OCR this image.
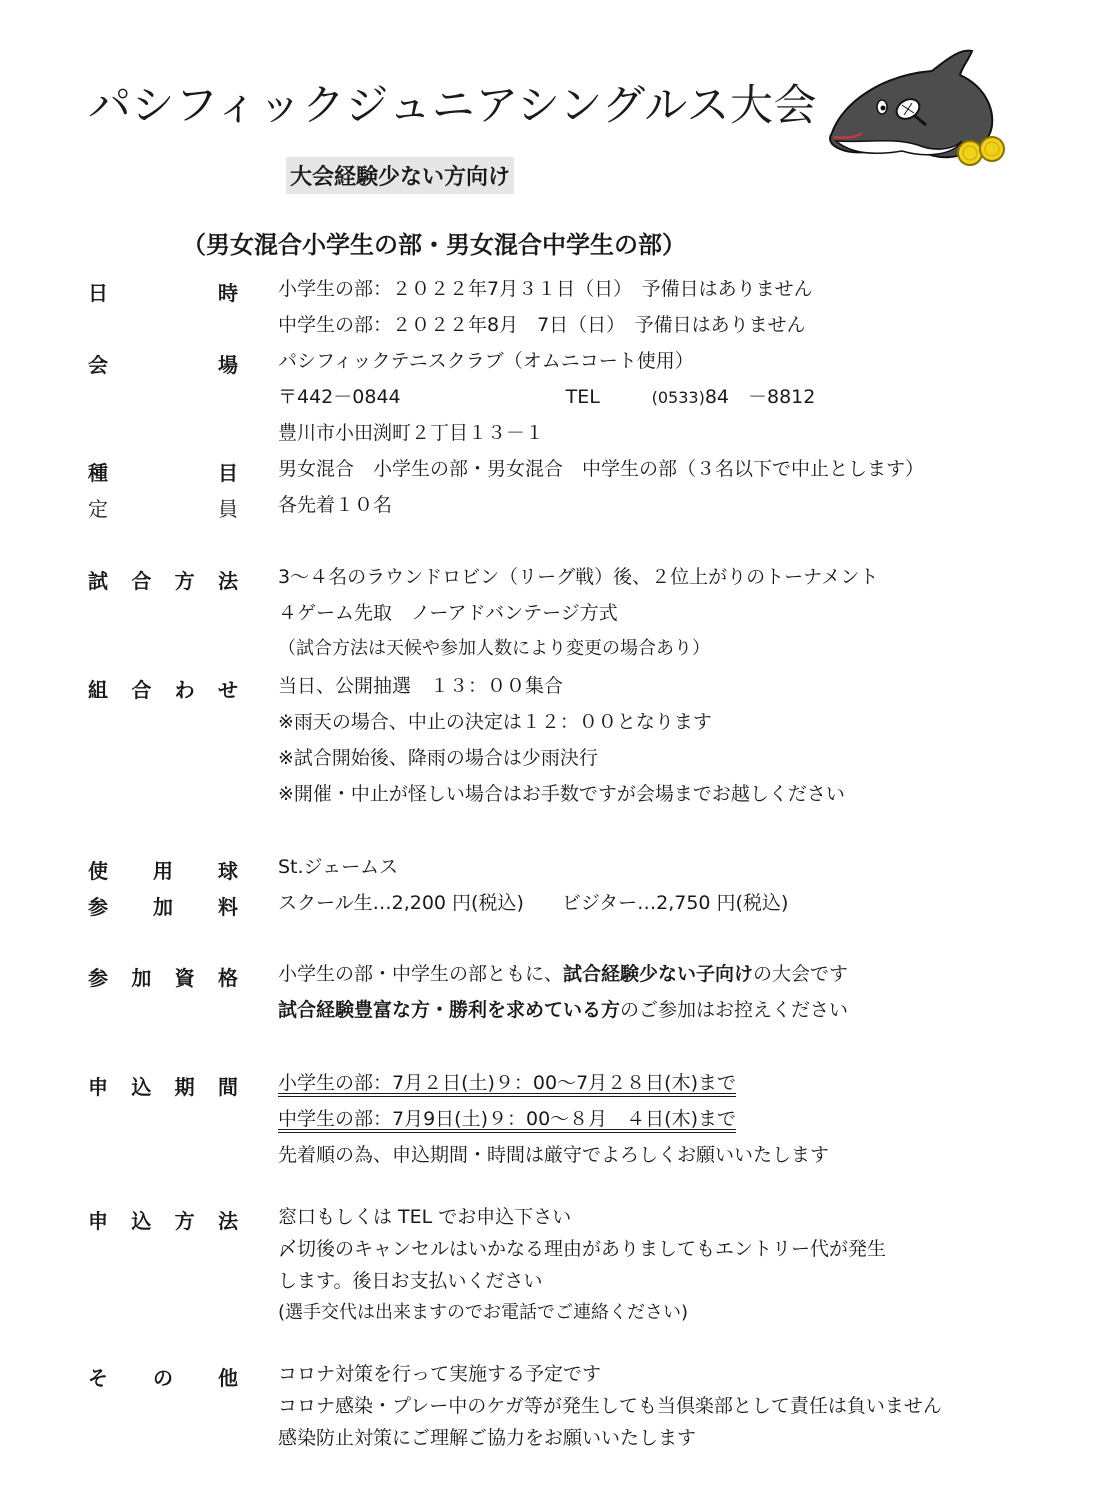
パシフィックジュニアシングルス大会
大会経験少ない方向け
（男女混合小学生の部・男女混合中学生の部）
日	時 小学生の部：２０２２年7月３１日（日）　予備日はありません
中学生の部：２０２２年8月　7日（日）　予備日はありません
会	場 パシフィックテニスクラブ（オムニコート使用）
〒442－0844	TEL	(0533)84　－8812
豊川市小田渕町２丁目１３－１
種	目 男女混合　小学生の部・男女混合　中学生の部（３名以下で中止とします）
定	員 各先着１０名
試 合 方 法 3～４名のラウンドロビン（リーグ戦）後、２位上がりのトーナメント
４ゲーム先取　ノーアドバンテージ方式
（試合方法は天候や参加人数により変更の場合あり）
組 合 わ せ 当日、公開抽選　１３：００集合
※雨天の場合、中止の決定は１２：００となります
※試合開始後、降雨の場合は少雨決行
※開催・中止が怪しい場合はお手数ですが会場までお越しください
使 用 球 St.ジェームス
参 加 料 スクール生…2,200 円(税込)　　ビジター…2,750 円(税込)
参 加 資 格 小学生の部・中学生の部ともに、試合経験少ない子向けの大会です
試合経験豊富な方・勝利を求めている方のご参加はお控えください
申 込 期 間 小学生の部：7月２日(土)９：00～7月２８日(木)まで
中学生の部：7月9日(土)９：00～８月　４日(木)まで
先着順の為、申込期間・時間は厳守でよろしくお願いいたします
申 込 方 法 窓口もしくは TEL でお申込下さい
〆切後のキャンセルはいかなる理由がありましてもエントリー代が発生
します。後日お支払いください
(選手交代は出来ますのでお電話でご連絡ください)
そ の 他 コロナ対策を行って実施する予定です
コロナ感染・プレー中のケガ等が発生しても当倶楽部として責任は負いません
感染防止対策にご理解ご協力をお願いいたします
